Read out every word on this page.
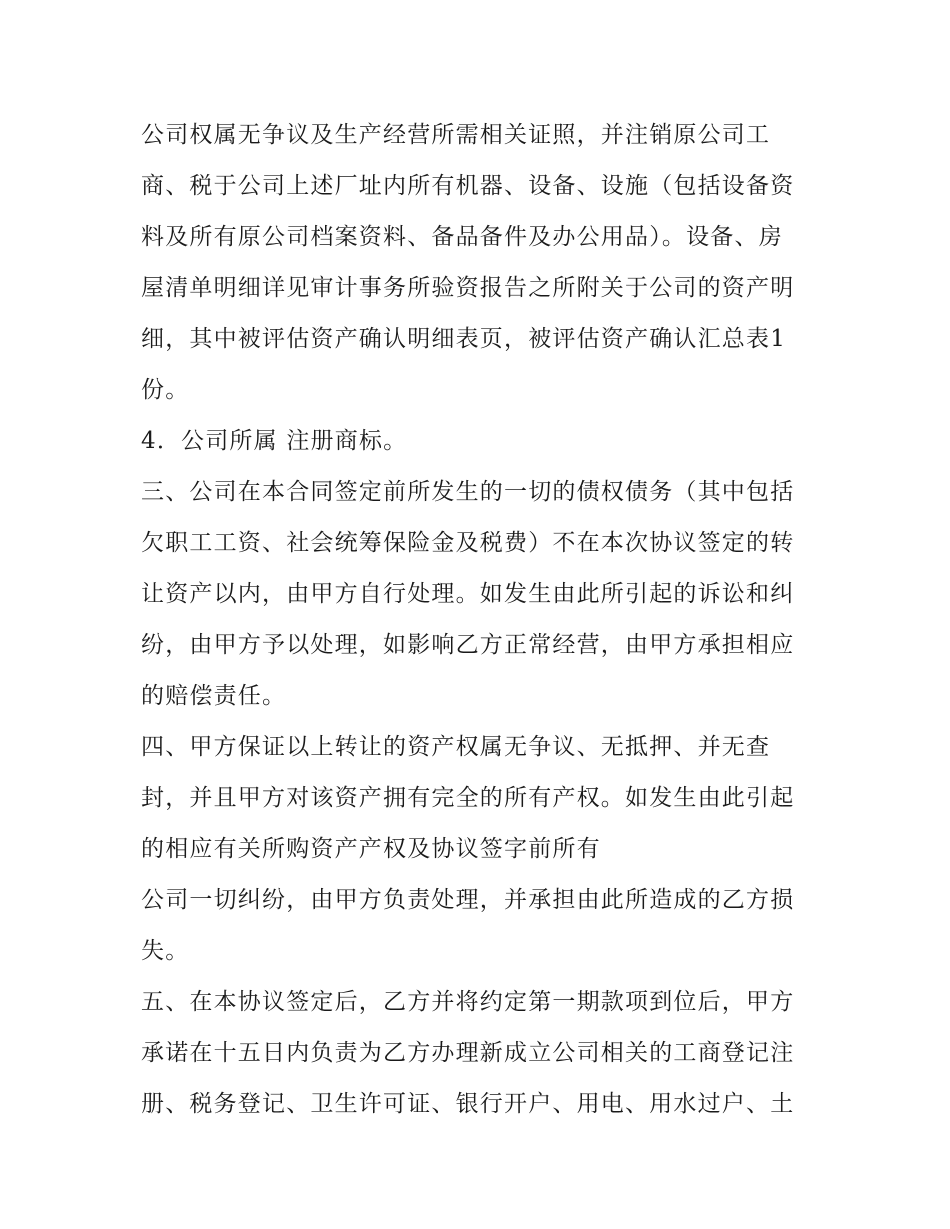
公司权属无争议及生产经营所需相关证照，并注销原公司工
商、税于公司上述厂址内所有机器、设备、设施（包括设备资
料及所有原公司档案资料、备品备件及办公用品）。设备、房
屋清单明细详见审计事务所验资报告之所附关于公司的资产明
细，其中被评估资产确认明细表页，被评估资产确认汇总表1
份。
4．公司所属 注册商标。
三、公司在本合同签定前所发生的一切的债权债务（其中包括
欠职工工资、社会统筹保险金及税费）不在本次协议签定的转
让资产以内，由甲方自行处理。如发生由此所引起的诉讼和纠
纷，由甲方予以处理，如影响乙方正常经营，由甲方承担相应
的赔偿责任。
四、甲方保证以上转让的资产权属无争议、无抵押、并无查
封，并且甲方对该资产拥有完全的所有产权。如发生由此引起
的相应有关所购资产产权及协议签字前所有
公司一切纠纷，由甲方负责处理，并承担由此所造成的乙方损
失。
五、在本协议签定后，乙方并将约定第一期款项到位后，甲方
承诺在十五日内负责为乙方办理新成立公司相关的工商登记注
册、税务登记、卫生许可证、银行开户、用电、用水过户、土
